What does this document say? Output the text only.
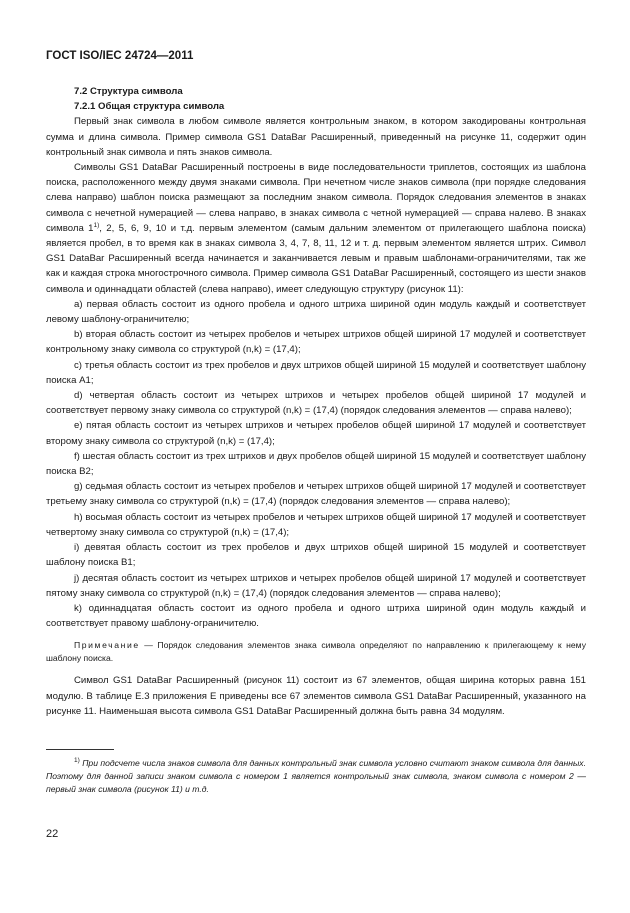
ГОСТ ISO/IEC 24724—2011
7.2 Структура символа
7.2.1 Общая структура символа

Первый знак символа в любом символе является контрольным знаком, в котором закодированы контрольная сумма и длина символа. Пример символа GS1 DataBar Расширенный, приведенный на рисунке 11, содержит один контрольный знак символа и пять знаков символа.

Символы GS1 DataBar Расширенный построены в виде последовательности триплетов, состоящих из шаблона поиска, расположенного между двумя знаками символа. При нечетном числе знаков символа (при порядке следования слева направо) шаблон поиска размещают за последним знаком символа. Порядок следования элементов в знаках символа с нечетной нумерацией — слева направо, в знаках символа с четной нумерацией — справа налево. В знаках символа 1$^{1)}$, 2, 5, 6, 9, 10 и т.д. первым элементом (самым дальним элементом от прилегающего шаблона поиска) является пробел, в то время как в знаках символа 3, 4, 7, 8, 11, 12 и т. д. первым элементом является штрих. Символ GS1 DataBar Расширенный всегда начинается и заканчивается левым и правым шаблонами-ограничителями, так же как и каждая строка многострочного символа. Пример символа GS1 DataBar Расширенный, состоящего из шести знаков символа и одиннадцати областей (слева направо), имеет следующую структуру (рисунок 11):

а) первая область состоит из одного пробела и одного штриха шириной один модуль каждый и соответствует левому шаблону-ограничителю;

b) вторая область состоит из четырех пробелов и четырех штрихов общей шириной 17 модулей и соответствует контрольному знаку символа со структурой (n,k) = (17,4);

с) третья область состоит из трех пробелов и двух штрихов общей шириной 15 модулей и соответствует шаблону поиска A1;

d) четвертая область состоит из четырех штрихов и четырех пробелов общей шириной 17 модулей и соответствует первому знаку символа со структурой (n,k) = (17,4) (порядок следования элементов — справа налево);

е) пятая область состоит из четырех штрихов и четырех пробелов общей шириной 17 модулей и соответствует второму знаку символа со структурой (n,k) = (17,4);

f) шестая область состоит из трех штрихов и двух пробелов общей шириной 15 модулей и соответствует шаблону поиска B2;

g) седьмая область состоит из четырех пробелов и четырех штрихов общей шириной 17 модулей и соответствует третьему знаку символа со структурой (n,k) = (17,4) (порядок следования элементов — справа налево);

h) восьмая область состоит из четырех пробелов и четырех штрихов общей шириной 17 модулей и соответствует четвертому знаку символа со структурой (n,k) = (17,4);

i) девятая область состоит из трех пробелов и двух штрихов общей шириной 15 модулей и соответствует шаблону поиска B1;

j) десятая область состоит из четырех штрихов и четырех пробелов общей шириной 17 модулей и соответствует пятому знаку символа со структурой (n,k) = (17,4) (порядок следования элементов — справа налево);

k) одиннадцатая область состоит из одного пробела и одного штриха шириной один модуль каждый и соответствует правому шаблону-ограничителю.

Примечание — Порядок следования элементов знака символа определяют по направлению к прилегающему к нему шаблону поиска.

Символ GS1 DataBar Расширенный (рисунок 11) состоит из 67 элементов, общая ширина которых равна 151 модулю. В таблице Е.3 приложения Е приведены все 67 элементов символа GS1 DataBar Расширенный, указанного на рисунке 11. Наименьшая высота символа GS1 DataBar Расширенный должна быть равна 34 модулям.

$^{1)}$ При подсчете числа знаков символа для данных контрольный знак символа условно считают знаком символа для данных. Поэтому для данной записи знаком символа с номером 1 является контрольный знак символа, знаком символа с номером 2 — первый знак символа (рисунок 11) и т.д.
22
